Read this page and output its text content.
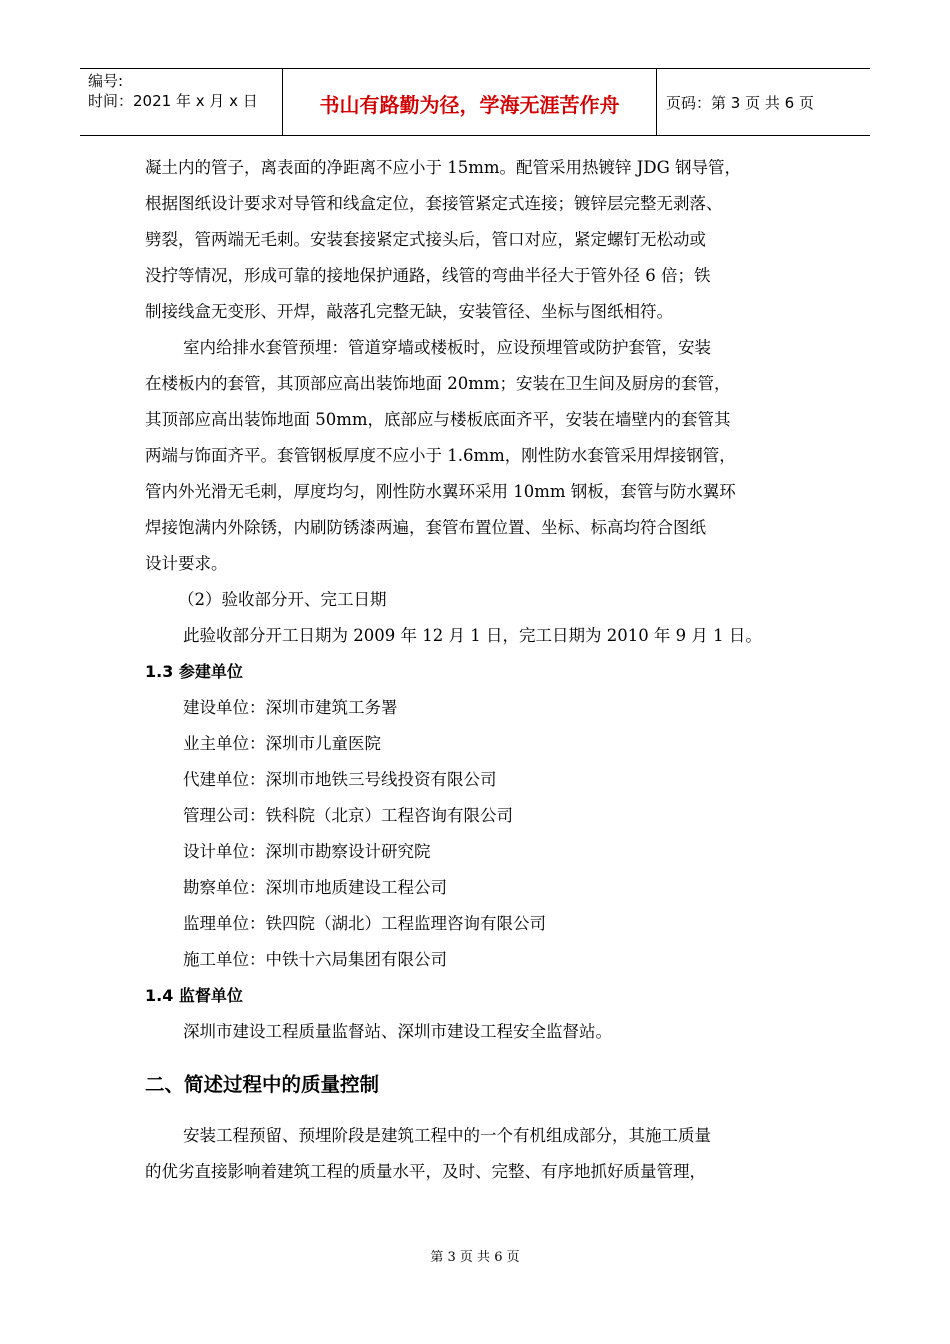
编号:
时间：2021 年 x 月 x 日	书山有路勤为径，学海无涯苦作舟	页码：第 3 页 共 6 页
凝土内的管子，离表面的净距离不应小于 15mm。配管采用热镀锌 JDG 钢导管，
根据图纸设计要求对导管和线盒定位，套接管紧定式连接；镀锌层完整无剥落、
劈裂，管两端无毛刺。安装套接紧定式接头后，管口对应，紧定螺钉无松动或
没拧等情况，形成可靠的接地保护通路，线管的弯曲半径大于管外径 6 倍；铁
制接线盒无变形、开焊，敲落孔完整无缺，安装管径、坐标与图纸相符。
室内给排水套管预埋：管道穿墙或楼板时，应设预埋管或防护套管，安装
在楼板内的套管，其顶部应高出装饰地面 20mm；安装在卫生间及厨房的套管，
其顶部应高出装饰地面 50mm，底部应与楼板底面齐平，安装在墙壁内的套管其
两端与饰面齐平。套管钢板厚度不应小于 1.6mm，刚性防水套管采用焊接钢管，
管内外光滑无毛刺，厚度均匀，刚性防水翼环采用 10mm 钢板，套管与防水翼环
焊接饱满内外除锈，内刷防锈漆两遍，套管布置位置、坐标、标高均符合图纸
设计要求。
（2）验收部分开、完工日期
此验收部分开工日期为 2009 年 12 月 1 日，完工日期为 2010 年 9 月 1 日。
1.3 参建单位
建设单位：深圳市建筑工务署
业主单位：深圳市儿童医院
代建单位：深圳市地铁三号线投资有限公司
管理公司：铁科院（北京）工程咨询有限公司
设计单位：深圳市勘察设计研究院
勘察单位：深圳市地质建设工程公司
监理单位：铁四院（湖北）工程监理咨询有限公司
施工单位：中铁十六局集团有限公司
1.4 监督单位
深圳市建设工程质量监督站、深圳市建设工程安全监督站。
二、简述过程中的质量控制
安装工程预留、预埋阶段是建筑工程中的一个有机组成部分，其施工质量
的优劣直接影响着建筑工程的质量水平，及时、完整、有序地抓好质量管理，
第 3 页 共 6 页
